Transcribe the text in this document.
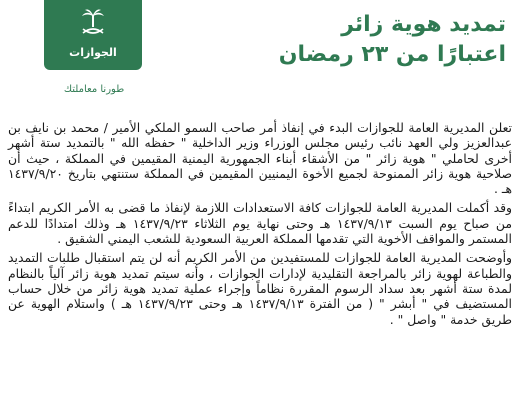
الجوازات
طورنا معاملتك
تمديد هوية زائر
اعتبارًا من ٢٣ رمضان

تعلن المديرية العامة للجوازات البدء في إنفاذ أمر صاحب السمو الملكي الأمير / محمد بن نايف بن عبدالعزيز ولي العهد نائب رئيس مجلس الوزراء وزير الداخلية " حفظه الله " بالتمديد ستة أشهر أخرى لحاملي " هوية زائر " من الأشقاء أبناء الجمهورية اليمنية المقيمين في المملكة ، حيث أن صلاحية هوية زائر الممنوحة لجميع الأخوة اليمنيين المقيمين في المملكة ستنتهي بتاريخ ١٤٣٧/٩/٢٠ هـ .

وقد أكملت المديرية العامة للجوازات كافة الاستعدادات اللازمة لإنفاذ ما قضى به الأمر الكريم ابتداءً من صباح يوم السبت ١٤٣٧/٩/١٣ هـ وحتى نهاية يوم الثلاثاء ١٤٣٧/٩/٢٣ هـ وذلك امتدادًا للدعم المستمر والمواقف الأخوية التي تقدمها المملكة العربية السعودية للشعب اليمني الشقيق .

وأوضحت المديرية العامة للجوازات للمستفيدين من الأمر الكريم أنه لن يتم استقبال طلبات التمديد والطباعة لهوية زائر بالمراجعة التقليدية لإدارات الجوازات ، وأنه سيتم تمديد هوية زائر آلياً بالنظام لمدة ستة أشهر بعد سداد الرسوم المقررة نظاماً وإجراء عملية تمديد هوية زائر من خلال حساب المستضيف في " أبشر " ( من الفترة ١٤٣٧/٩/١٣ هـ وحتى ١٤٣٧/٩/٢٣ هـ ) واستلام الهوية عن طريق خدمة " واصل " .
